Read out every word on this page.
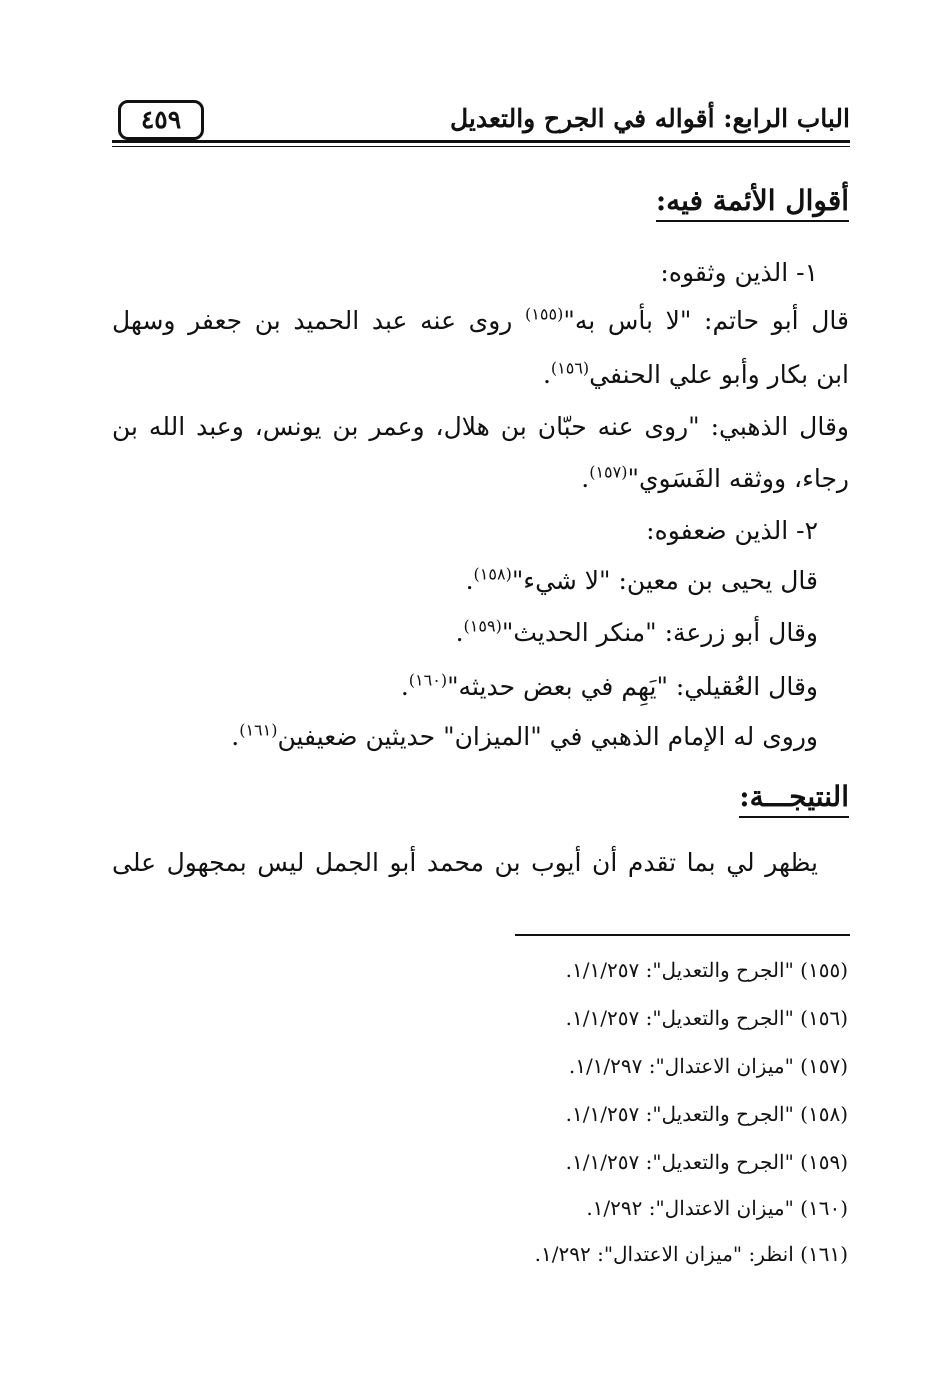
الباب الرابع: أقواله في الجرح والتعديل
٤٥٩
أقوال الأئمة فيه:
١- الذين وثقوه:
قال أبو حاتم: "لا بأس به"$^{(١٥٥)}$ روى عنه عبد الحميد بن جعفر وسهل
ابن بكار وأبو علي الحنفي$^{(١٥٦)}$.
وقال الذهبي: "روى عنه حبّان بن هلال، وعمر بن يونس، وعبد الله بن
رجاء، ووثقه الفَسَوي"$^{(١٥٧)}$.
٢- الذين ضعفوه:
قال يحيى بن معين: "لا شيء"$^{(١٥٨)}$.
وقال أبو زرعة: "منكر الحديث"$^{(١٥٩)}$.
وقال العُقيلي: "يَهِم في بعض حديثه"$^{(١٦٠)}$.
وروى له الإمام الذهبي في "الميزان" حديثين ضعيفين$^{(١٦١)}$.
النتيجـــة:
يظهر لي بما تقدم أن أيوب بن محمد أبو الجمل ليس بمجهول على
(١٥٥) "الجرح والتعديل": ١/١/٢٥٧.
(١٥٦) "الجرح والتعديل": ١/١/٢٥٧.
(١٥٧) "ميزان الاعتدال": ١/١/٢٩٧.
(١٥٨) "الجرح والتعديل": ١/١/٢٥٧.
(١٥٩) "الجرح والتعديل": ١/١/٢٥٧.
(١٦٠) "ميزان الاعتدال": ١/٢٩٢.
(١٦١) انظر: "ميزان الاعتدال": ١/٢٩٢.
